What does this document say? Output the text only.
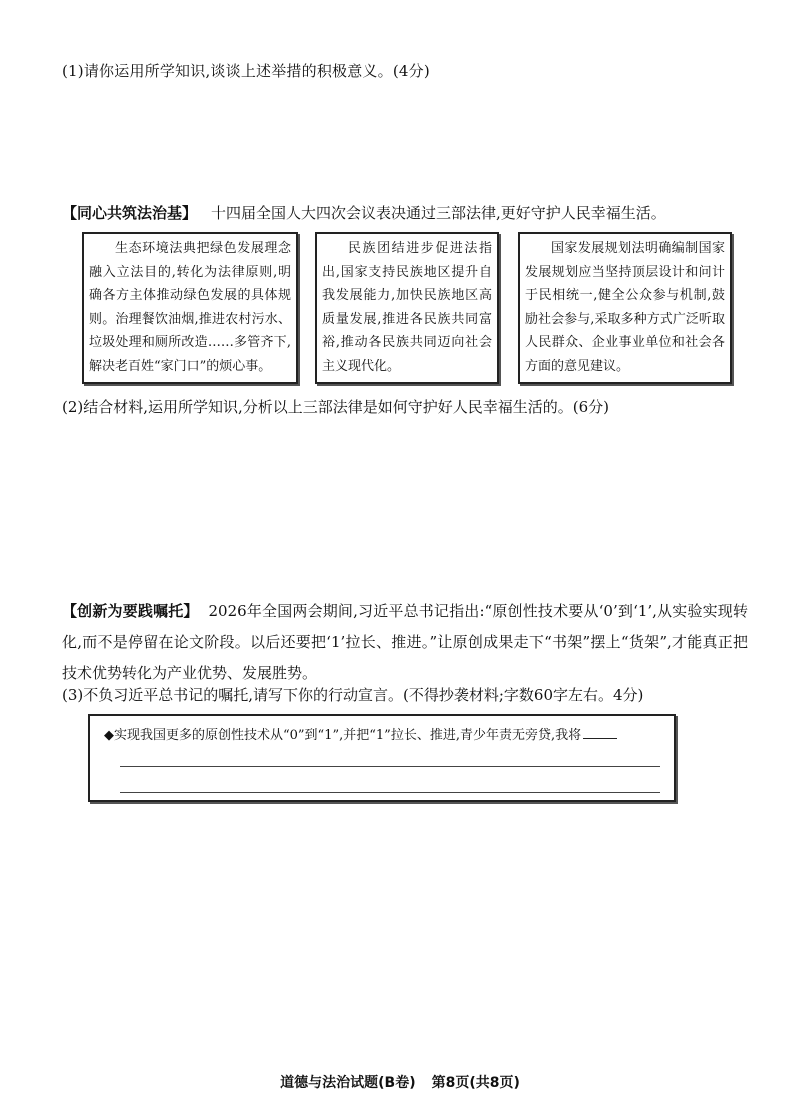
(1)请你运用所学知识,谈谈上述举措的积极意义。(4分)
【同心共筑法治基】 十四届全国人大四次会议表决通过三部法律,更好守护人民幸福生活。
生态环境法典把绿色发展理念融入立法目的,转化为法律原则,明确各方主体推动绿色发展的具体规则。治理餐饮油烟,推进农村污水、垃圾处理和厕所改造……多管齐下,解决老百姓“家门口”的烦心事。
民族团结进步促进法指出,国家支持民族地区提升自我发展能力,加快民族地区高质量发展,推进各民族共同富裕,推动各民族共同迈向社会主义现代化。
国家发展规划法明确编制国家发展规划应当坚持顶层设计和问计于民相统一,健全公众参与机制,鼓励社会参与,采取多种方式广泛听取人民群众、企业事业单位和社会各方面的意见建议。
(2)结合材料,运用所学知识,分析以上三部法律是如何守护好人民幸福生活的。(6分)
【创新为要践嘱托】 2026年全国两会期间,习近平总书记指出:“原创性技术要从‘0’到‘1’,从实验实现转化,而不是停留在论文阶段。以后还要把‘1’拉长、推进。”让原创成果走下“书架”摆上“货架”,才能真正把技术优势转化为产业优势、发展胜势。
(3)不负习近平总书记的嘱托,请写下你的行动宣言。(不得抄袭材料;字数60字左右。4分)
◆实现我国更多的原创性技术从“0”到“1”,并把“1”拉长、推进,青少年责无旁贷,我将
道德与法治试题(B卷) 第8页(共8页)
